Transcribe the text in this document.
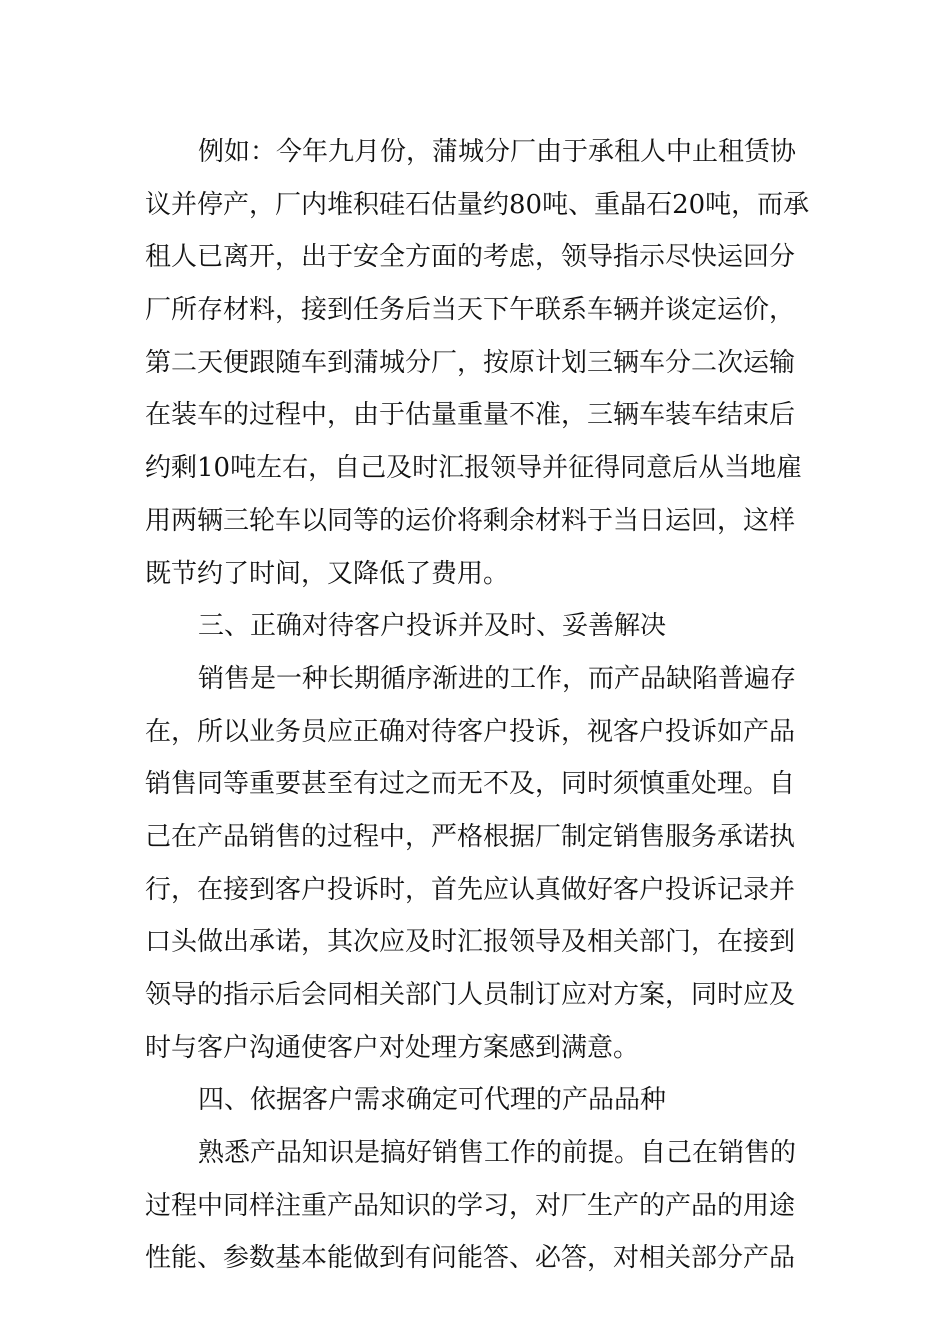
例如：今年九月份，蒲城分厂由于承租人中止租赁协
议并停产，厂内堆积硅石估量约80吨、重晶石20吨，而承
租人已离开，出于安全方面的考虑，领导指示尽快运回分
厂所存材料，接到任务后当天下午联系车辆并谈定运价，
第二天便跟随车到蒲城分厂，按原计划三辆车分二次运输
在装车的过程中，由于估量重量不准，三辆车装车结束后
约剩10吨左右，自己及时汇报领导并征得同意后从当地雇
用两辆三轮车以同等的运价将剩余材料于当日运回，这样
既节约了时间，又降低了费用。
三、正确对待客户投诉并及时、妥善解决
销售是一种长期循序渐进的工作，而产品缺陷普遍存
在，所以业务员应正确对待客户投诉，视客户投诉如产品
销售同等重要甚至有过之而无不及，同时须慎重处理。自
己在产品销售的过程中，严格根据厂制定销售服务承诺执
行，在接到客户投诉时，首先应认真做好客户投诉记录并
口头做出承诺，其次应及时汇报领导及相关部门，在接到
领导的指示后会同相关部门人员制订应对方案，同时应及
时与客户沟通使客户对处理方案感到满意。
四、依据客户需求确定可代理的产品品种
熟悉产品知识是搞好销售工作的前提。自己在销售的
过程中同样注重产品知识的学习，对厂生产的产品的用途
性能、参数基本能做到有问能答、必答，对相关部分产品
